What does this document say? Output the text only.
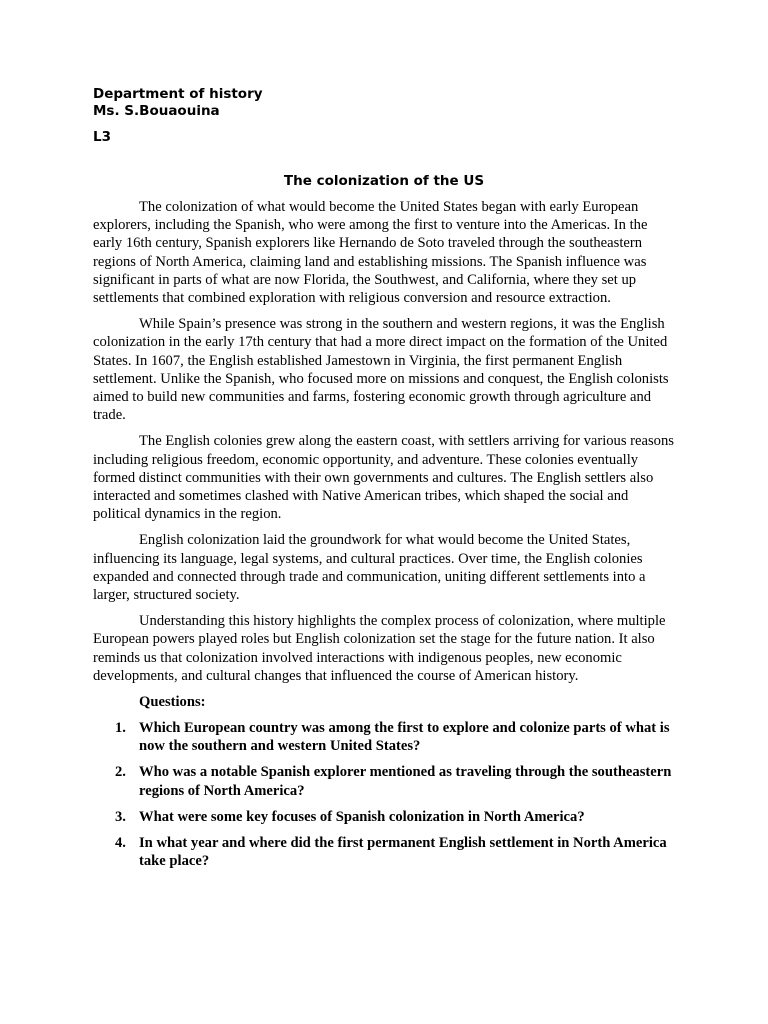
Department of history
Ms. S.Bouaouina
L3
The colonization of the US

The colonization of what would become the United States began with early European explorers, including the Spanish, who were among the first to venture into the Americas. In the early 16th century, Spanish explorers like Hernando de Soto traveled through the southeastern regions of North America, claiming land and establishing missions. The Spanish influence was significant in parts of what are now Florida, the Southwest, and California, where they set up settlements that combined exploration with religious conversion and resource extraction.

While Spain’s presence was strong in the southern and western regions, it was the English colonization in the early 17th century that had a more direct impact on the formation of the United States. In 1607, the English established Jamestown in Virginia, the first permanent English settlement. Unlike the Spanish, who focused more on missions and conquest, the English colonists aimed to build new communities and farms, fostering economic growth through agriculture and trade.

The English colonies grew along the eastern coast, with settlers arriving for various reasons including religious freedom, economic opportunity, and adventure. These colonies eventually formed distinct communities with their own governments and cultures. The English settlers also interacted and sometimes clashed with Native American tribes, which shaped the social and political dynamics in the region.

English colonization laid the groundwork for what would become the United States, influencing its language, legal systems, and cultural practices. Over time, the English colonies expanded and connected through trade and communication, uniting different settlements into a larger, structured society.

Understanding this history highlights the complex process of colonization, where multiple European powers played roles but English colonization set the stage for the future nation. It also reminds us that colonization involved interactions with indigenous peoples, new economic developments, and cultural changes that influenced the course of American history.

Questions:
1. Which European country was among the first to explore and colonize parts of what is now the southern and western United States?
2. Who was a notable Spanish explorer mentioned as traveling through the southeastern regions of North America?
3. What were some key focuses of Spanish colonization in North America?
4. In what year and where did the first permanent English settlement in North America take place?
